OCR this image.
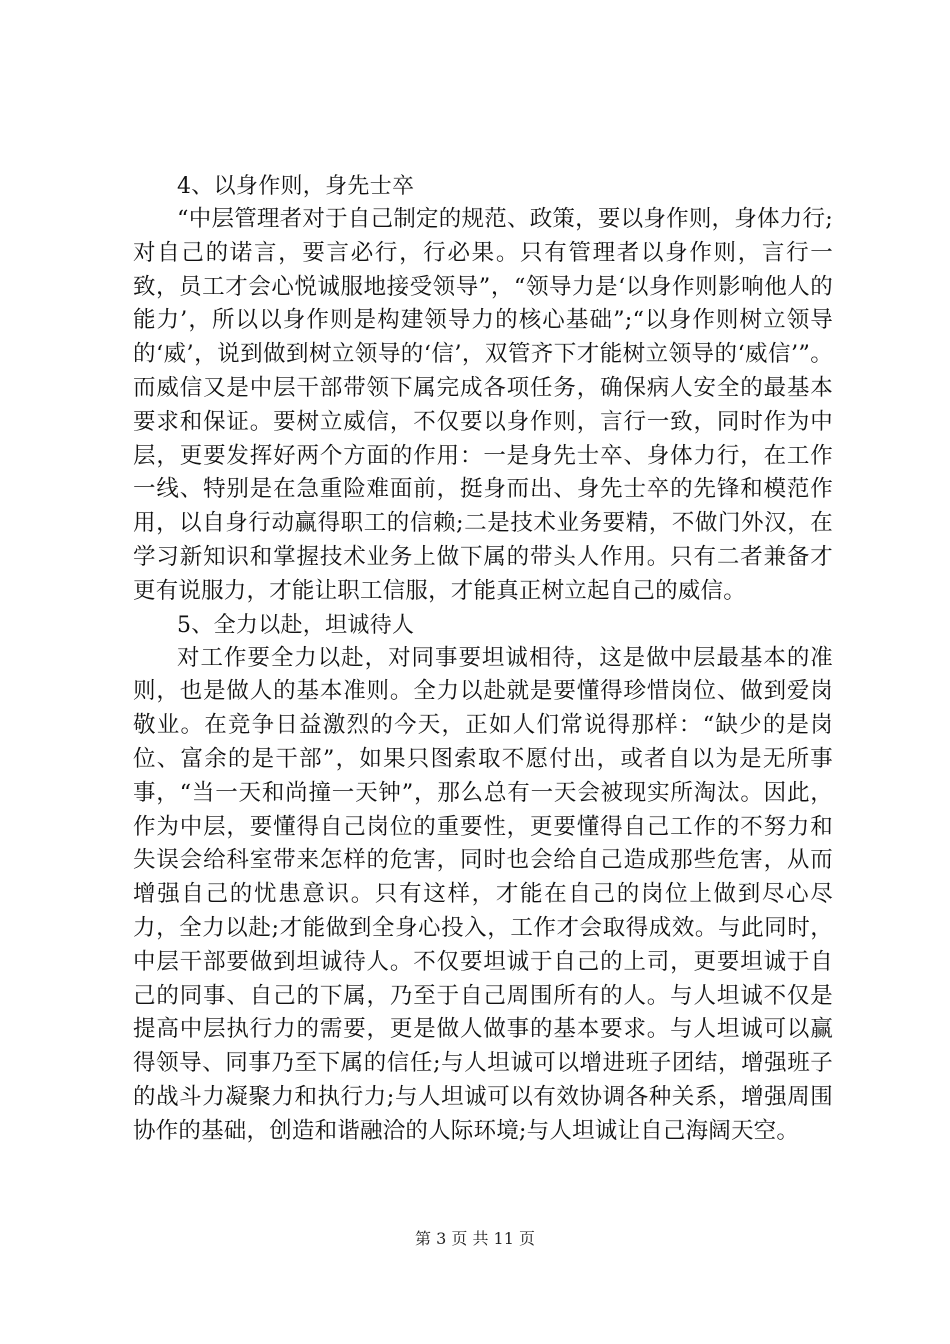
4、以身作则，身先士卒

“中层管理者对于自己制定的规范、政策，要以身作则，身体力行;对自己的诺言，要言必行，行必果。只有管理者以身作则，言行一致，员工才会心悦诚服地接受领导”，“领导力是‘以身作则影响他人的能力’，所以以身作则是构建领导力的核心基础”;“以身作则树立领导的‘威’，说到做到树立领导的‘信’，双管齐下才能树立领导的‘威信’”。而威信又是中层干部带领下属完成各项任务，确保病人安全的最基本要求和保证。要树立威信，不仅要以身作则，言行一致，同时作为中层，更要发挥好两个方面的作用：一是身先士卒、身体力行，在工作一线、特别是在急重险难面前，挺身而出、身先士卒的先锋和模范作用，以自身行动赢得职工的信赖;二是技术业务要精，不做门外汉，在学习新知识和掌握技术业务上做下属的带头人作用。只有二者兼备才更有说服力，才能让职工信服，才能真正树立起自己的威信。

5、全力以赴，坦诚待人

对工作要全力以赴，对同事要坦诚相待，这是做中层最基本的准则，也是做人的基本准则。全力以赴就是要懂得珍惜岗位、做到爱岗敬业。在竞争日益激烈的今天，正如人们常说得那样：“缺少的是岗位、富余的是干部”，如果只图索取不愿付出，或者自以为是无所事事，“当一天和尚撞一天钟”，那么总有一天会被现实所淘汰。因此，作为中层，要懂得自己岗位的重要性，更要懂得自己工作的不努力和失误会给科室带来怎样的危害，同时也会给自己造成那些危害，从而增强自己的忧患意识。只有这样，才能在自己的岗位上做到尽心尽力，全力以赴;才能做到全身心投入，工作才会取得成效。与此同时，中层干部要做到坦诚待人。不仅要坦诚于自己的上司，更要坦诚于自己的同事、自己的下属，乃至于自己周围所有的人。与人坦诚不仅是提高中层执行力的需要，更是做人做事的基本要求。与人坦诚可以赢得领导、同事乃至下属的信任;与人坦诚可以增进班子团结，增强班子的战斗力凝聚力和执行力;与人坦诚可以有效协调各种关系，增强周围协作的基础，创造和谐融洽的人际环境;与人坦诚让自己海阔天空。

第 3 页 共 11 页
